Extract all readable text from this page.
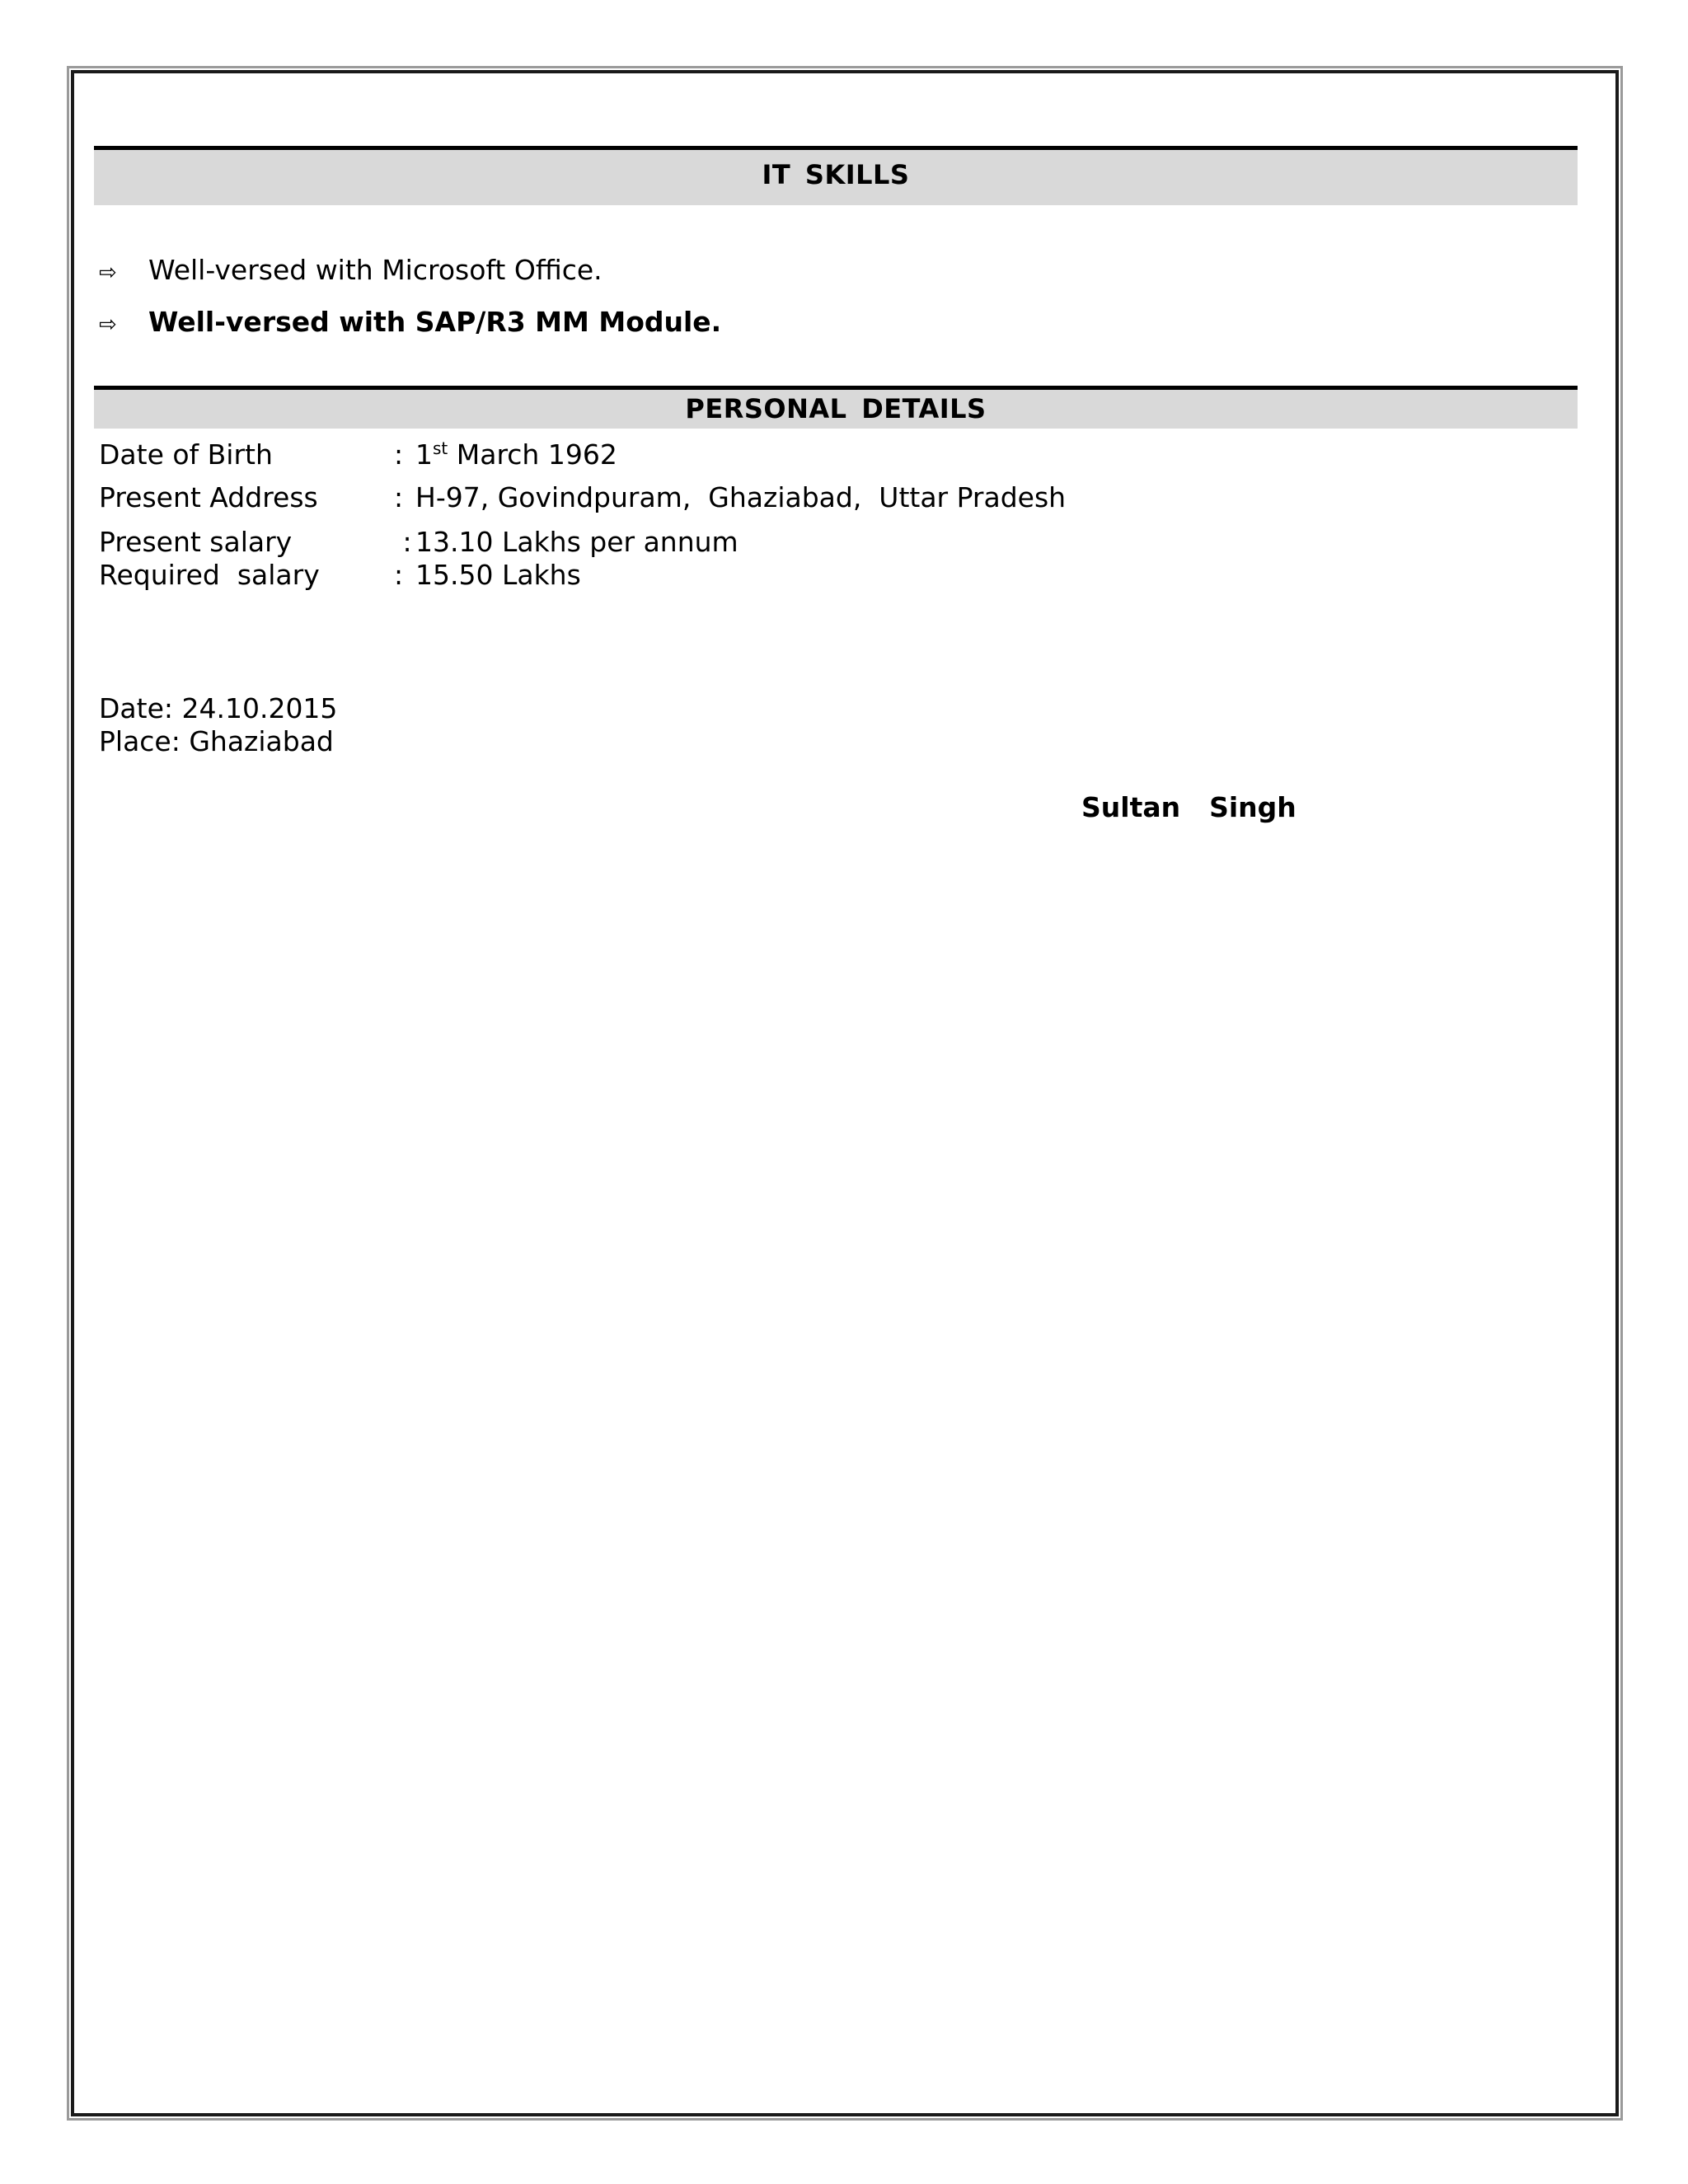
IT SKILLS
⇨ Well-versed with Microsoft Office.
⇨ Well-versed with SAP/R3 MM Module.
PERSONAL DETAILS
Date of Birth	: 1st March 1962
Present Address	: H-97, Govindpuram,  Ghaziabad,  Uttar Pradesh
Present salary	: 13.10 Lakhs per annum
Required  salary	: 15.50 Lakhs
Date: 24.10.2015
Place: Ghaziabad
Sultan  Singh
